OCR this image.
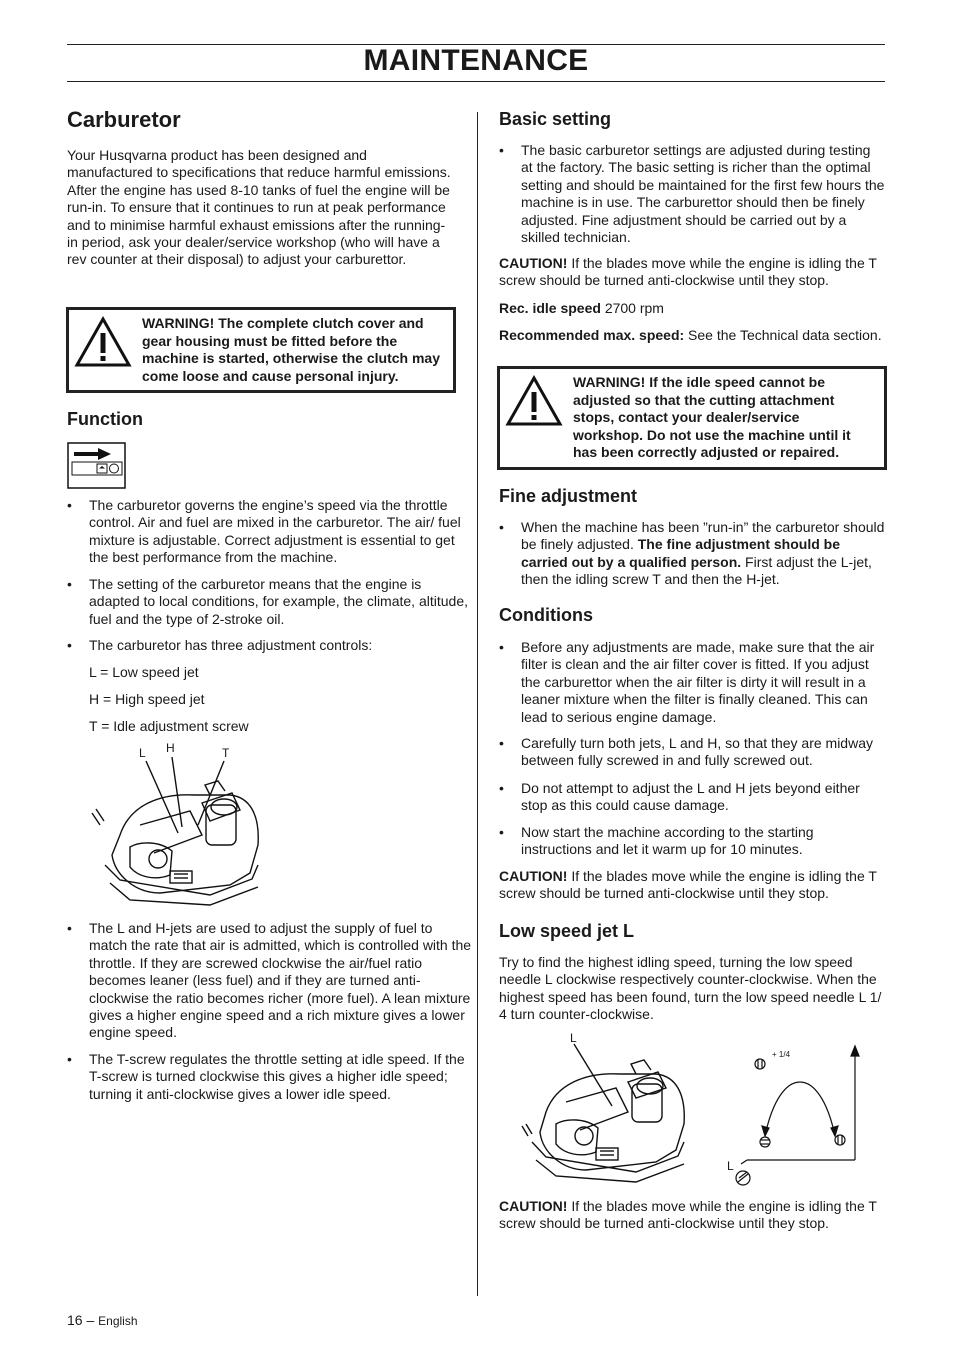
MAINTENANCE
Carburetor
Your Husqvarna product has been designed and manufactured to specifications that reduce harmful emissions. After the engine has used 8-10 tanks of fuel the engine will be run-in. To ensure that it continues to run at peak performance and to minimise harmful exhaust emissions after the running-in period, ask your dealer/service workshop (who will have a rev counter at their disposal) to adjust your carburettor.
WARNING! The complete clutch cover and gear housing must be fitted before the machine is started, otherwise the clutch may come loose and cause personal injury.
Function
• The carburetor governs the engine’s speed via the throttle control. Air and fuel are mixed in the carburetor. The air/ fuel mixture is adjustable. Correct adjustment is essential to get the best performance from the machine.
• The setting of the carburetor means that the engine is adapted to local conditions, for example, the climate, altitude, fuel and the type of 2-stroke oil.
• The carburetor has three adjustment controls:
L = Low speed jet
H = High speed jet
T = Idle adjustment screw
L H	T
• The L and H-jets are used to adjust the supply of fuel to match the rate that air is admitted, which is controlled with the throttle. If they are screwed clockwise the air/fuel ratio becomes leaner (less fuel) and if they are turned anti-clockwise the ratio becomes richer (more fuel). A lean mixture gives a higher engine speed and a rich mixture gives a lower engine speed.
• The T-screw regulates the throttle setting at idle speed. If the T-screw is turned clockwise this gives a higher idle speed; turning it anti-clockwise gives a lower idle speed.
Basic setting
• The basic carburetor settings are adjusted during testing at the factory. The basic setting is richer than the optimal setting and should be maintained for the first few hours the machine is in use. The carburettor should then be finely adjusted. Fine adjustment should be carried out by a skilled technician.
CAUTION! If the blades move while the engine is idling the T screw should be turned anti-clockwise until they stop.
Rec. idle speed 2700 rpm
Recommended max. speed: See the Technical data section.
WARNING! If the idle speed cannot be adjusted so that the cutting attachment stops, contact your dealer/service workshop. Do not use the machine until it has been correctly adjusted or repaired.
Fine adjustment
• When the machine has been ”run-in” the carburetor should be finely adjusted. The fine adjustment should be carried out by a qualified person. First adjust the L-jet, then the idling screw T and then the H-jet.
Conditions
• Before any adjustments are made, make sure that the air filter is clean and the air filter cover is fitted. If you adjust the carburettor when the air filter is dirty it will result in a leaner mixture when the filter is finally cleaned. This can lead to serious engine damage.
• Carefully turn both jets, L and H, so that they are midway between fully screwed in and fully screwed out.
• Do not attempt to adjust the L and H jets beyond either stop as this could cause damage.
• Now start the machine according to the starting instructions and let it warm up for 10 minutes.
CAUTION! If the blades move while the engine is idling the T screw should be turned anti-clockwise until they stop.
Low speed jet L
Try to find the highest idling speed, turning the low speed needle L clockwise respectively counter-clockwise. When the highest speed has been found, turn the low speed needle L 1/ 4 turn counter-clockwise.
L
+ 1/4
L
CAUTION! If the blades move while the engine is idling the T screw should be turned anti-clockwise until they stop.
16 – English
